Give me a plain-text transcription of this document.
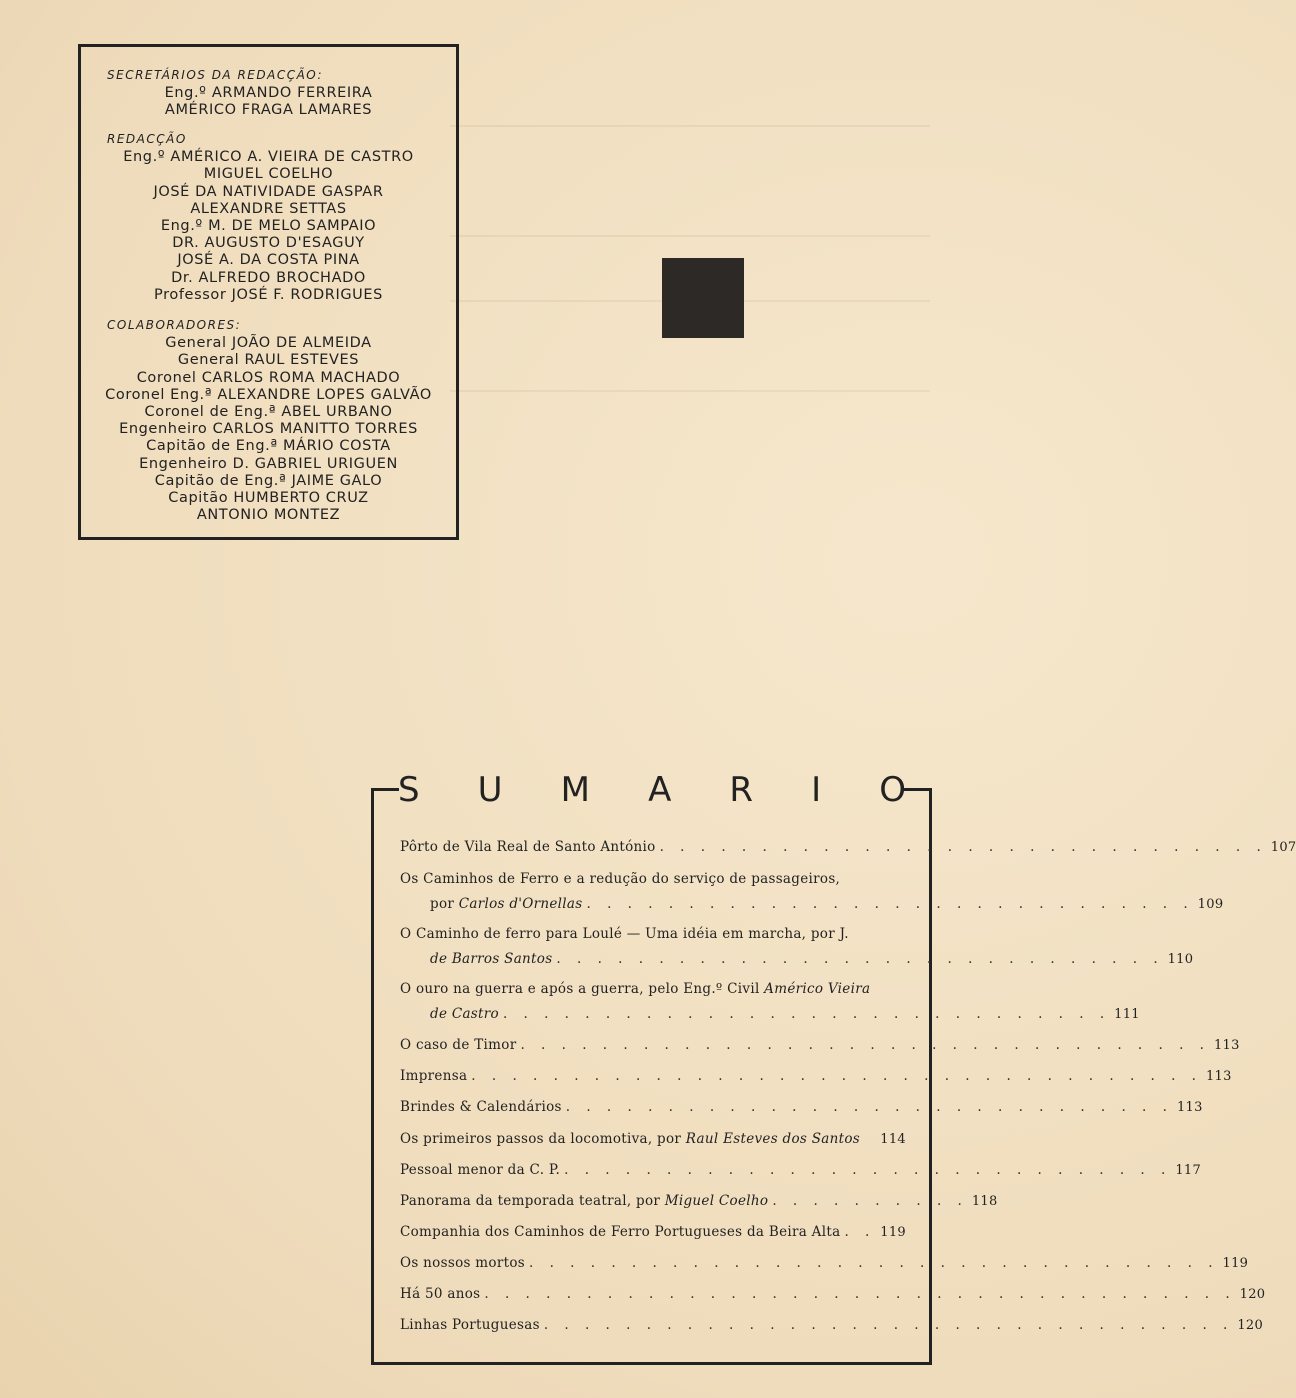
SECRETÁRIOS DA REDACÇÃO:
Eng.º ARMANDO FERREIRA
AMÉRICO FRAGA LAMARES
REDACÇÃO
Eng.º AMÉRICO A. VIEIRA DE CASTRO
MIGUEL COELHO
JOSÉ DA NATIVIDADE GASPAR
ALEXANDRE SETTAS
Eng.º M. DE MELO SAMPAIO
DR. AUGUSTO D'ESAGUY
JOSÉ A. DA COSTA PINA
Dr. ALFREDO BROCHADO
Professor JOSÉ F. RODRIGUES
COLABORADORES:
General JOÃO DE ALMEIDA
General RAUL ESTEVES
Coronel CARLOS ROMA MACHADO
Coronel Eng.ª ALEXANDRE LOPES GALVÃO
Coronel de Eng.ª ABEL URBANO
Engenheiro CARLOS MANITTO TORRES
Capitão de Eng.ª MÁRIO COSTA
Engenheiro D. GABRIEL URIGUEN
Capitão de Eng.ª JAIME GALO
Capitão HUMBERTO CRUZ
ANTONIO MONTEZ
S U M A R I O
Pôrto de Vila Real de Santo António . . . . . . . . . . . . . . . . . . . . . . . . . . . . . . 107
Os Caminhos de Ferro e a redução do serviço de passageiros,
por Carlos d'Ornellas . . . . . . . . . . . . . . . . . . . . . . . . . . . . . . 109
O Caminho de ferro para Loulé — Uma idéia em marcha, por J.
de Barros Santos . . . . . . . . . . . . . . . . . . . . . . . . . . . . . . 110
O ouro na guerra e após a guerra, pelo Eng.º Civil Américo Vieira
de Castro . . . . . . . . . . . . . . . . . . . . . . . . . . . . . . 111
O caso de Timor . . . . . . . . . . . . . . . . . . . . . . . . . . . . . . . . . . 113
Imprensa . . . . . . . . . . . . . . . . . . . . . . . . . . . . . . . . . . . . 113
Brindes & Calendários . . . . . . . . . . . . . . . . . . . . . . . . . . . . . . 113
Os primeiros passos da locomotiva, por Raul Esteves dos Santos	114
Pessoal menor da C. P. . . . . . . . . . . . . . . . . . . . . . . . . . . . . . . 117
Panorama da temporada teatral, por Miguel Coelho . . . . . . . . . . 118
Companhia dos Caminhos de Ferro Portugueses da Beira Alta . . 119
Os nossos mortos . . . . . . . . . . . . . . . . . . . . . . . . . . . . . . . . . . 119
Há 50 anos . . . . . . . . . . . . . . . . . . . . . . . . . . . . . . . . . . . . . 120
Linhas Portuguesas . . . . . . . . . . . . . . . . . . . . . . . . . . . . . . . . . . 120
